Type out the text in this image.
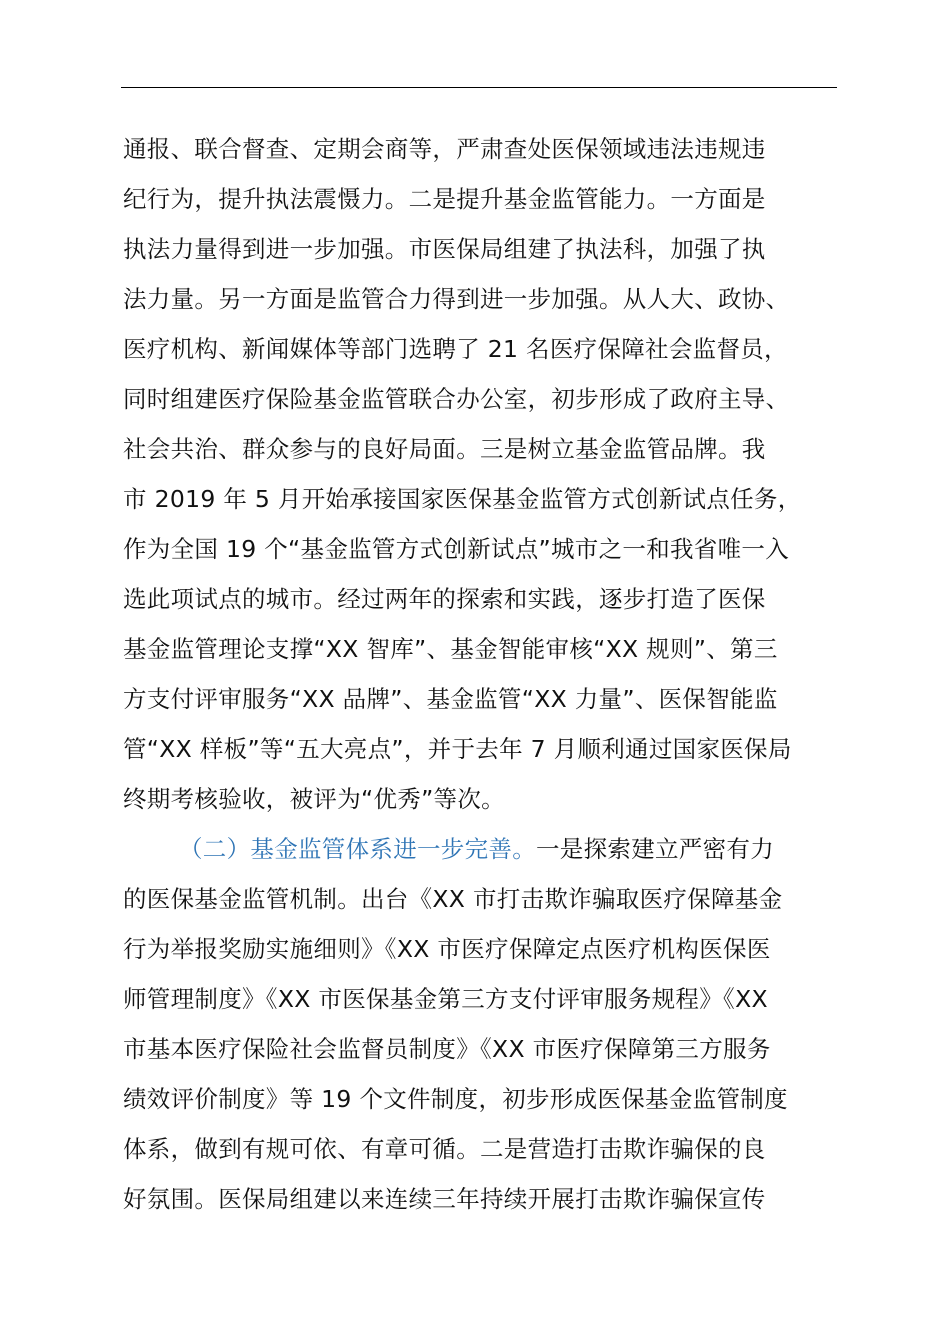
通报、联合督查、定期会商等，严肃查处医保领域违法违规违
纪行为，提升执法震慑力。二是提升基金监管能力。一方面是
执法力量得到进一步加强。市医保局组建了执法科，加强了执
法力量。另一方面是监管合力得到进一步加强。从人大、政协、
医疗机构、新闻媒体等部门选聘了 21 名医疗保障社会监督员，
同时组建医疗保险基金监管联合办公室，初步形成了政府主导、
社会共治、群众参与的良好局面。三是树立基金监管品牌。我
市 2019 年 5 月开始承接国家医保基金监管方式创新试点任务，
作为全国 19 个“基金监管方式创新试点”城市之一和我省唯一入
选此项试点的城市。经过两年的探索和实践，逐步打造了医保
基金监管理论支撑“XX 智库”、基金智能审核“XX 规则”、第三
方支付评审服务“XX 品牌”、基金监管“XX 力量”、医保智能监
管“XX 样板”等“五大亮点”，并于去年 7 月顺利通过国家医保局
终期考核验收，被评为“优秀”等次。
（二）基金监管体系进一步完善。一是探索建立严密有力
的医保基金监管机制。出台《XX 市打击欺诈骗取医疗保障基金
行为举报奖励实施细则》《XX 市医疗保障定点医疗机构医保医
师管理制度》《XX 市医保基金第三方支付评审服务规程》《XX
市基本医疗保险社会监督员制度》《XX 市医疗保障第三方服务
绩效评价制度》等 19 个文件制度，初步形成医保基金监管制度
体系，做到有规可依、有章可循。二是营造打击欺诈骗保的良
好氛围。医保局组建以来连续三年持续开展打击欺诈骗保宣传
